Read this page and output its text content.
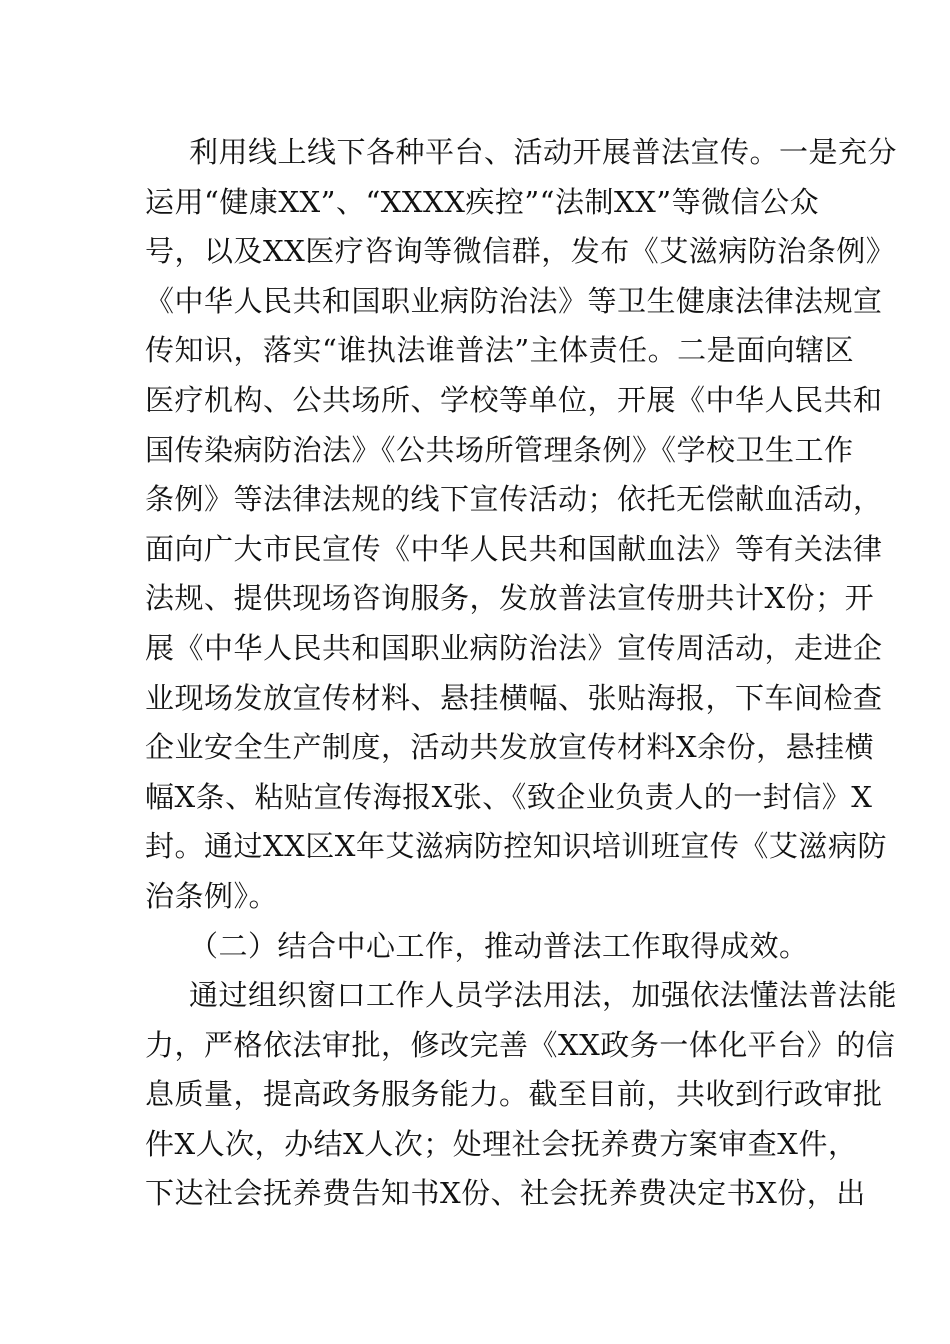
利用线上线下各种平台、活动开展普法宣传。一是充分
运用“健康XX”、“XXXX疾控”“法制XX”等微信公众
号，以及XX医疗咨询等微信群，发布《艾滋病防治条例》
《中华人民共和国职业病防治法》等卫生健康法律法规宣
传知识，落实“谁执法谁普法”主体责任。二是面向辖区
医疗机构、公共场所、学校等单位，开展《中华人民共和
国传染病防治法》《公共场所管理条例》《学校卫生工作
条例》等法律法规的线下宣传活动；依托无偿献血活动，
面向广大市民宣传《中华人民共和国献血法》等有关法律
法规、提供现场咨询服务，发放普法宣传册共计X份；开
展《中华人民共和国职业病防治法》宣传周活动，走进企
业现场发放宣传材料、悬挂横幅、张贴海报，下车间检查
企业安全生产制度，活动共发放宣传材料X余份，悬挂横
幅X条、粘贴宣传海报X张、《致企业负责人的一封信》X
封。通过XX区X年艾滋病防控知识培训班宣传《艾滋病防
治条例》。
（二）结合中心工作，推动普法工作取得成效。
通过组织窗口工作人员学法用法，加强依法懂法普法能
力，严格依法审批，修改完善《XX政务一体化平台》的信
息质量，提高政务服务能力。截至目前，共收到行政审批
件X人次，办结X人次；处理社会抚养费方案审查X件，
下达社会抚养费告知书X份、社会抚养费决定书X份，出
